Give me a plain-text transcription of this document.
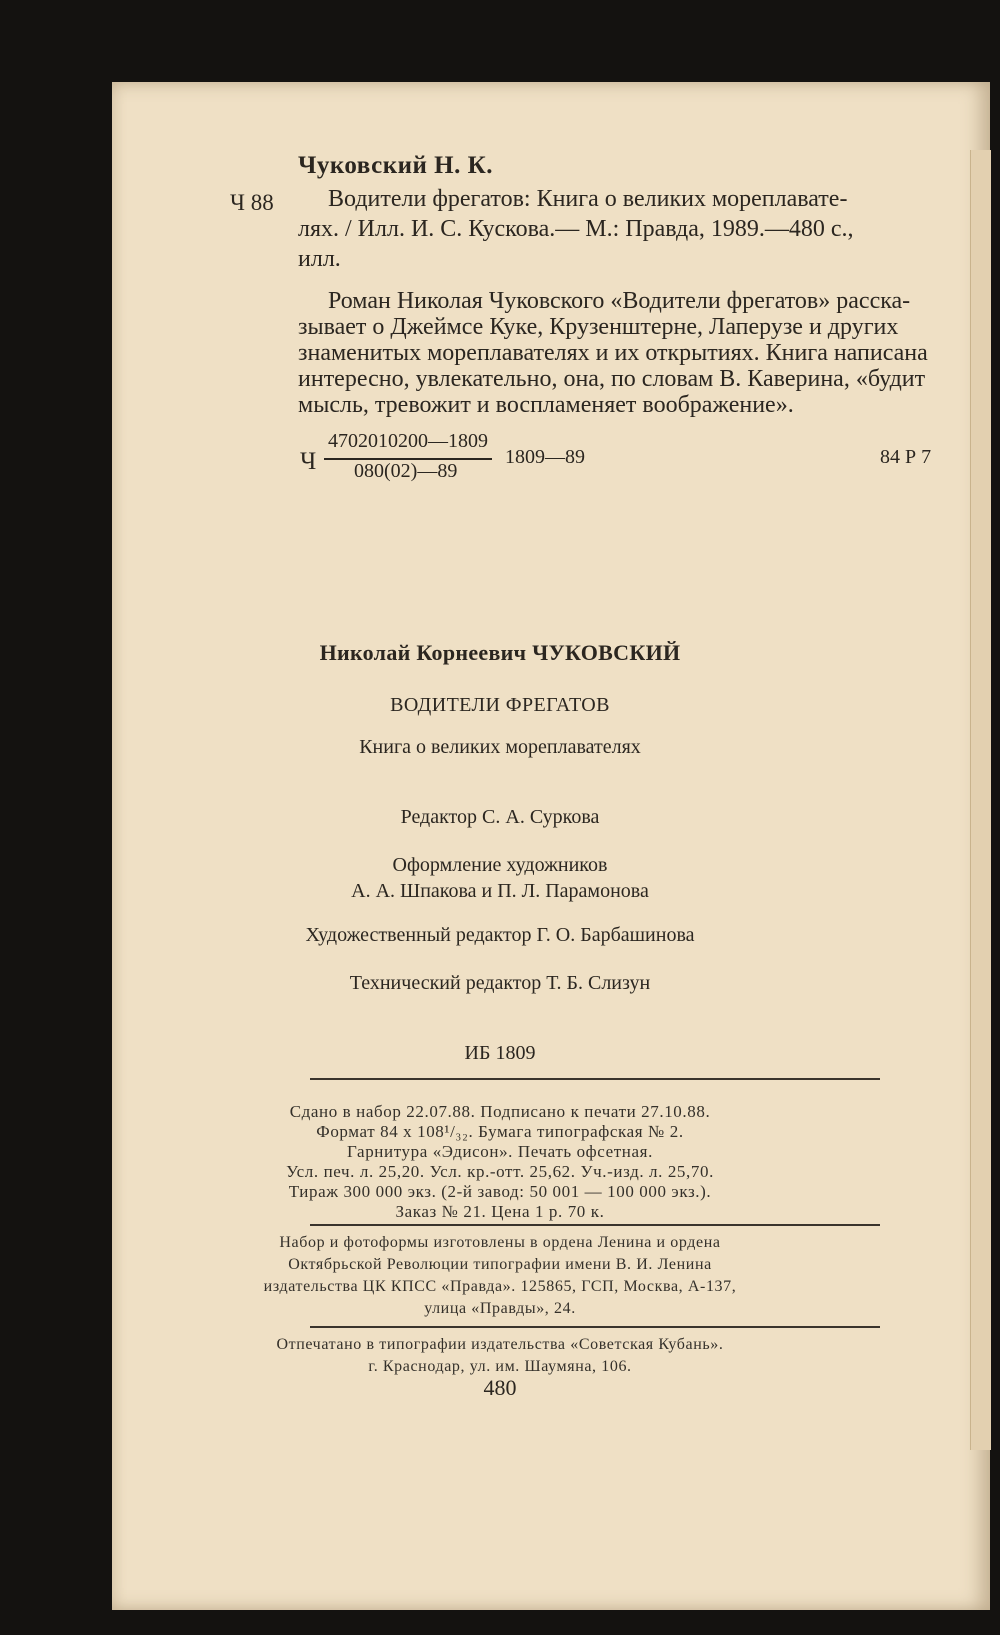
Чуковский Н. К.
Ч 88 Водители фрегатов: Книга о великих мореплавате-
лях. / Илл. И. С. Кускова.— М.: Правда, 1989.—480 с.,
илл.
Роман Николая Чуковского «Водители фрегатов» расска-
зывает о Джеймсе Куке, Крузенштерне, Лаперузе и других
знаменитых мореплавателях и их открытиях. Книга написана
интересно, увлекательно, она, по словам В. Каверина, «будит
мысль, тревожит и воспламеняет воображение».
Ч
4702010200—1809
080(02)—89
1809—89	84 Р 7
Николай Корнеевич ЧУКОВСКИЙ
ВОДИТЕЛИ ФРЕГАТОВ
Книга о великих мореплавателях
Редактор С. А. Суркова
Оформление художников
А. А. Шпакова и П. Л. Парамонова
Художественный редактор Г. О. Барбашинова
Технический редактор Т. Б. Слизун
ИБ 1809
Сдано в набор 22.07.88. Подписано к печати 27.10.88.
Формат 84 х 108¹/₃₂. Бумага типографская № 2.
Гарнитура «Эдисон». Печать офсетная.
Усл. печ. л. 25,20. Усл. кр.-отт. 25,62. Уч.-изд. л. 25,70.
Тираж 300 000 экз. (2-й завод: 50 001 — 100 000 экз.).
Заказ № 21. Цена 1 р. 70 к.
Набор и фотоформы изготовлены в ордена Ленина и ордена
Октябрьской Революции типографии имени В. И. Ленина
издательства ЦК КПСС «Правда». 125865, ГСП, Москва, А-137,
улица «Правды», 24.
Отпечатано в типографии издательства «Советская Кубань».
г. Краснодар, ул. им. Шаумяна, 106.
480
